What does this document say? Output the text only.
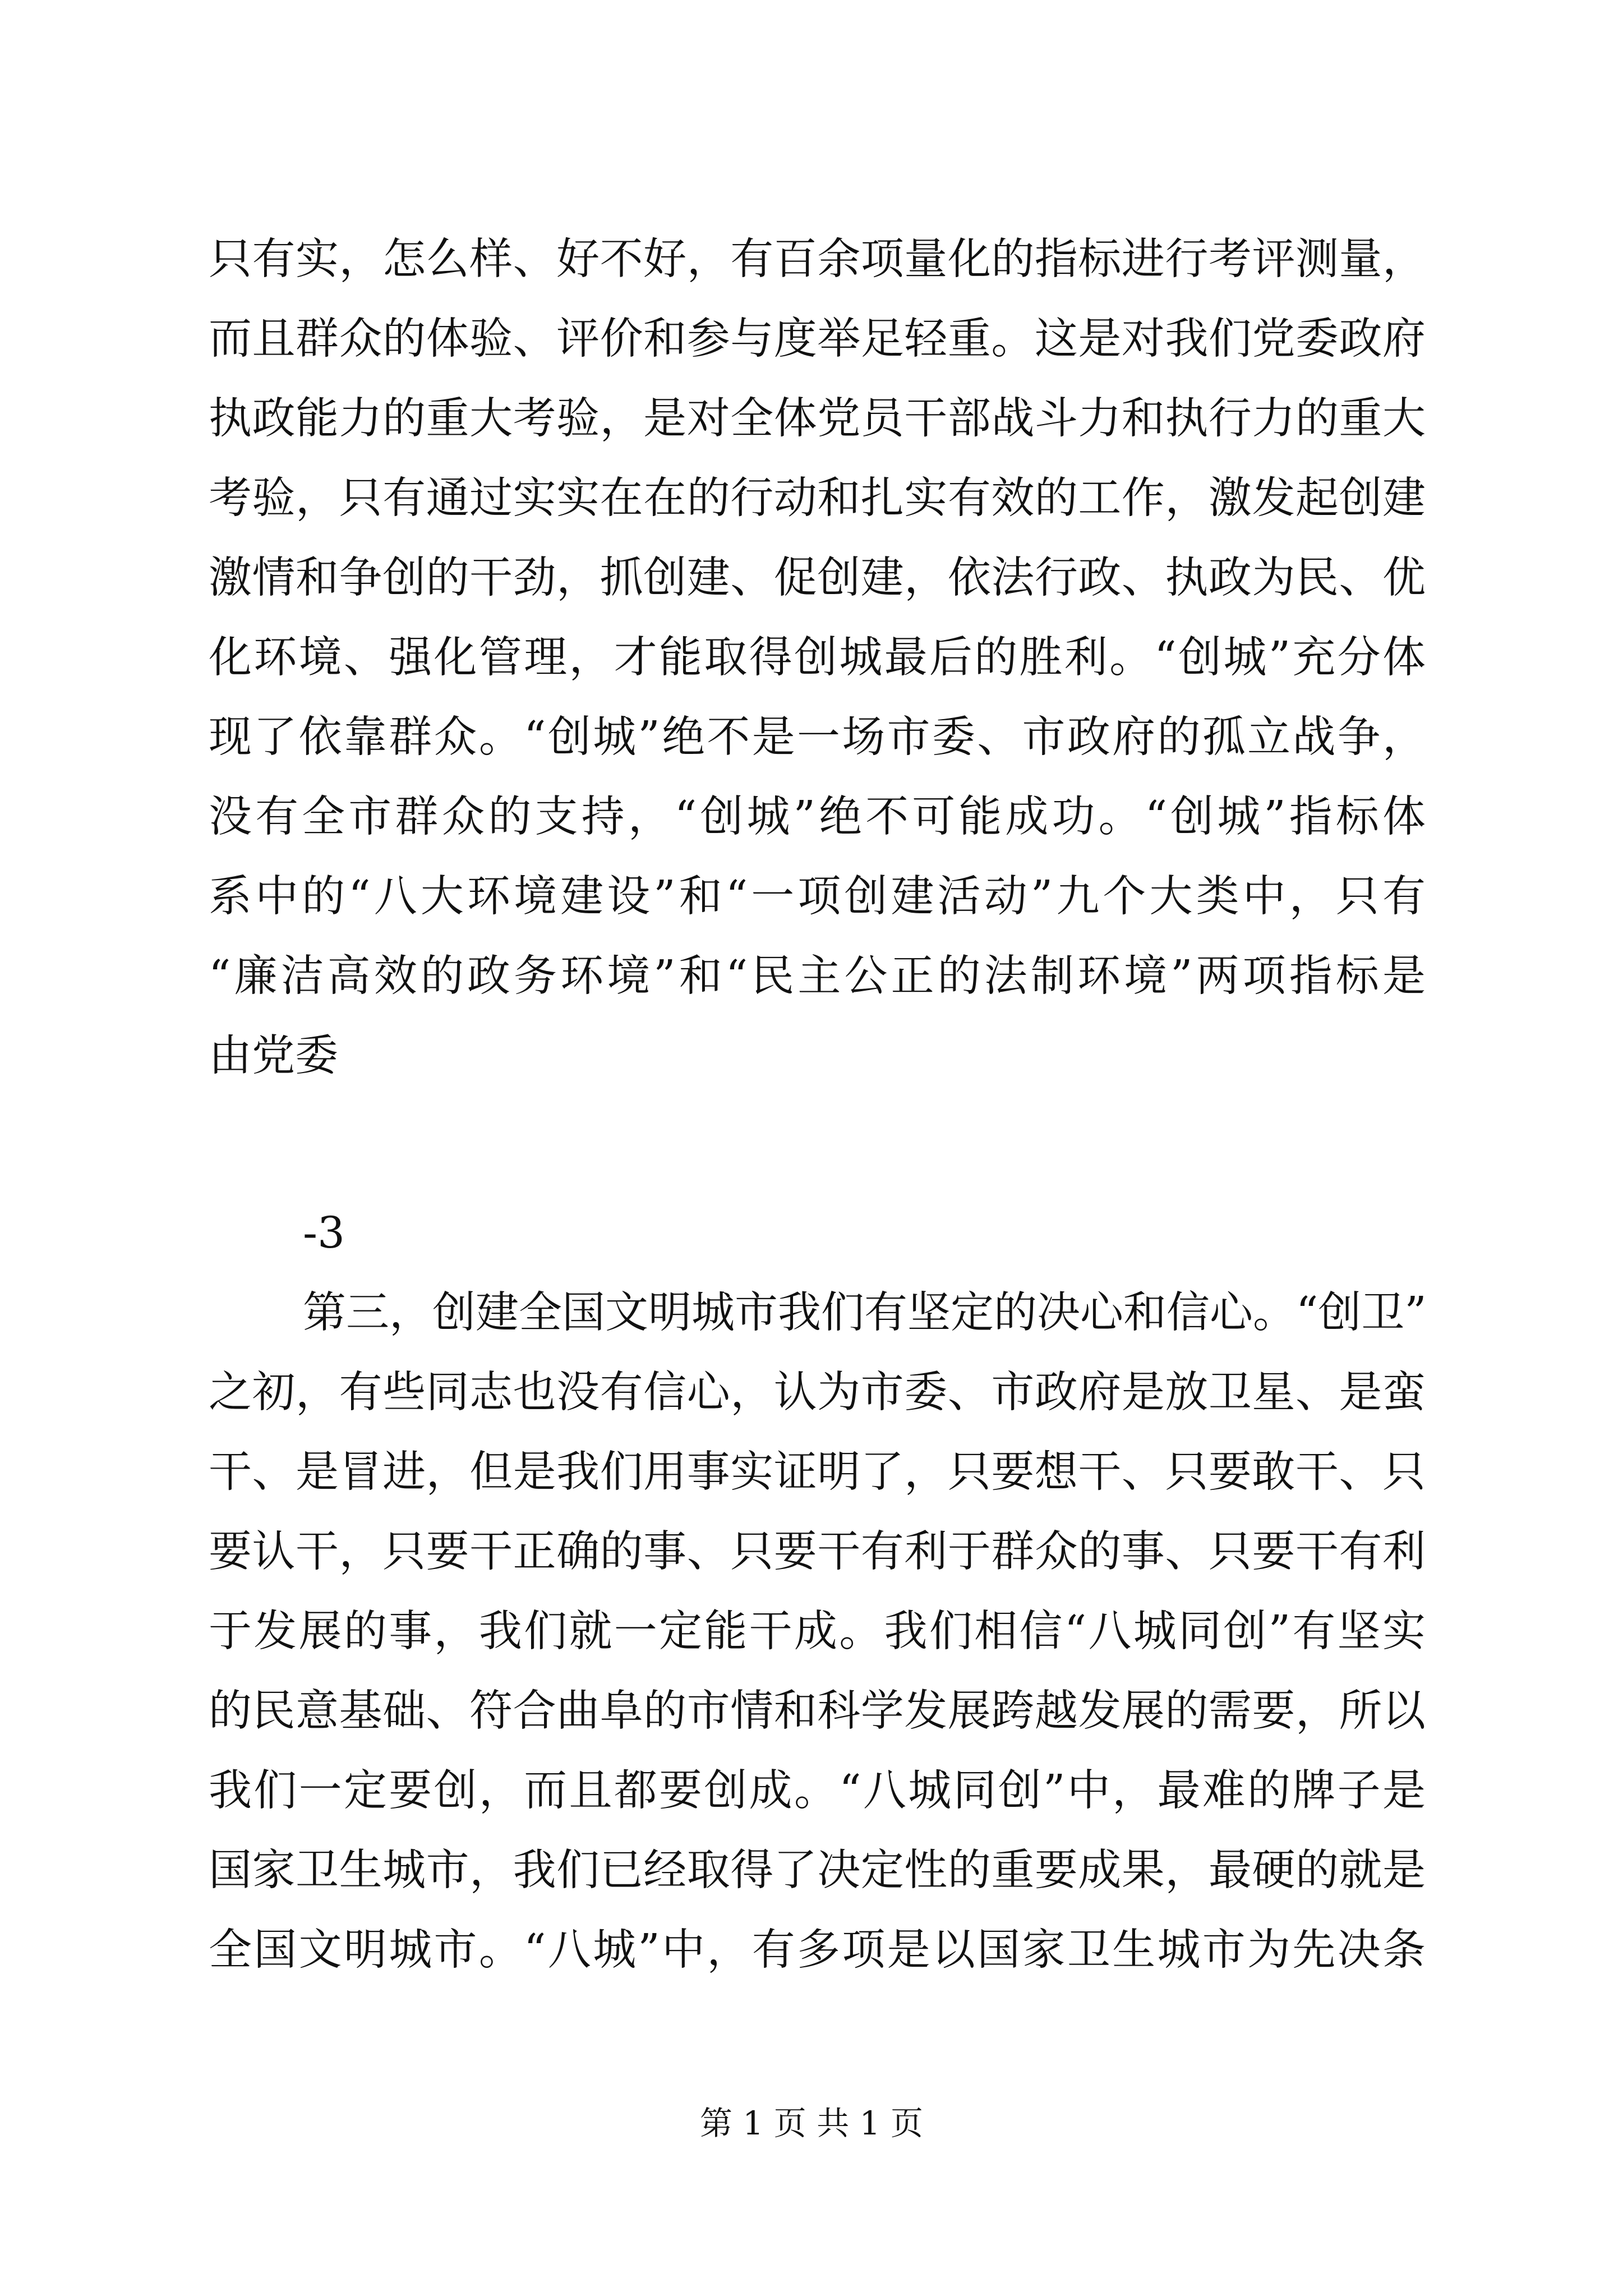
只有实，怎么样、好不好，有百余项量化的指标进行考评测量，
而且群众的体验、评价和参与度举足轻重。这是对我们党委政府
执政能力的重大考验，是对全体党员干部战斗力和执行力的重大
考验，只有通过实实在在的行动和扎实有效的工作，激发起创建
激情和争创的干劲，抓创建、促创建，依法行政、执政为民、优
化环境、强化管理，才能取得创城最后的胜利。“创城”充分体
现了依靠群众。“创城”绝不是一场市委、市政府的孤立战争，
没有全市群众的支持，“创城”绝不可能成功。“创城”指标体
系中的“八大环境建设”和“一项创建活动”九个大类中，只有
“廉洁高效的政务环境”和“民主公正的法制环境”两项指标是
由党委
-3
第三，创建全国文明城市我们有坚定的决心和信心。“创卫”
之初，有些同志也没有信心，认为市委、市政府是放卫星、是蛮
干、是冒进，但是我们用事实证明了，只要想干、只要敢干、只
要认干，只要干正确的事、只要干有利于群众的事、只要干有利
于发展的事，我们就一定能干成。我们相信“八城同创”有坚实
的民意基础、符合曲阜的市情和科学发展跨越发展的需要，所以
我们一定要创，而且都要创成。“八城同创”中，最难的牌子是
国家卫生城市，我们已经取得了决定性的重要成果，最硬的就是
全国文明城市。“八城”中，有多项是以国家卫生城市为先决条
第 1 页 共 1 页
